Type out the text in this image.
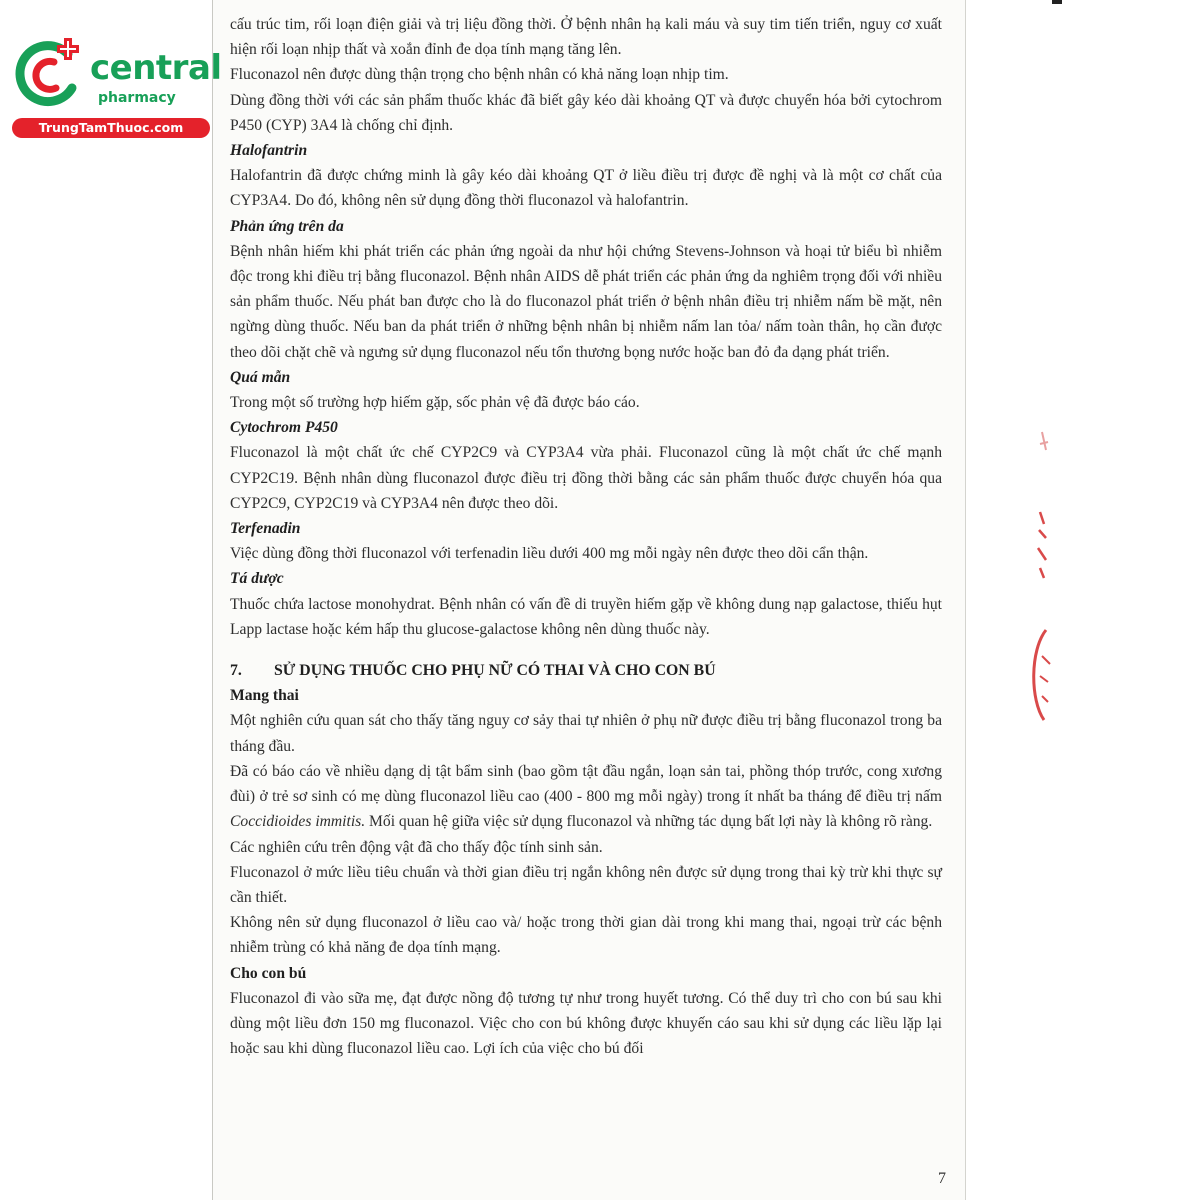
central
pharmacy
TrungTamThuoc.com

cấu trúc tim, rối loạn điện giải và trị liệu đồng thời. Ở bệnh nhân hạ kali máu và suy tim tiến triển, nguy cơ xuất hiện rối loạn nhịp thất và xoắn đỉnh đe dọa tính mạng tăng lên.

Fluconazol nên được dùng thận trọng cho bệnh nhân có khả năng loạn nhịp tim.

Dùng đồng thời với các sản phẩm thuốc khác đã biết gây kéo dài khoảng QT và được chuyển hóa bởi cytochrom P450 (CYP) 3A4 là chống chỉ định.

Halofantrin

Halofantrin đã được chứng minh là gây kéo dài khoảng QT ở liều điều trị được đề nghị và là một cơ chất của CYP3A4. Do đó, không nên sử dụng đồng thời fluconazol và halofantrin.

Phản ứng trên da

Bệnh nhân hiếm khi phát triển các phản ứng ngoài da như hội chứng Stevens-Johnson và hoại tử biểu bì nhiễm độc trong khi điều trị bằng fluconazol. Bệnh nhân AIDS dễ phát triển các phản ứng da nghiêm trọng đối với nhiều sản phẩm thuốc. Nếu phát ban được cho là do fluconazol phát triển ở bệnh nhân điều trị nhiễm nấm bề mặt, nên ngừng dùng thuốc. Nếu ban da phát triển ở những bệnh nhân bị nhiễm nấm lan tỏa/ nấm toàn thân, họ cần được theo dõi chặt chẽ và ngưng sử dụng fluconazol nếu tổn thương bọng nước hoặc ban đỏ đa dạng phát triển.

Quá mẫn

Trong một số trường hợp hiếm gặp, sốc phản vệ đã được báo cáo.

Cytochrom P450

Fluconazol là một chất ức chế CYP2C9 và CYP3A4 vừa phải. Fluconazol cũng là một chất ức chế mạnh CYP2C19. Bệnh nhân dùng fluconazol được điều trị đồng thời bằng các sản phẩm thuốc được chuyển hóa qua CYP2C9, CYP2C19 và CYP3A4 nên được theo dõi.

Terfenadin

Việc dùng đồng thời fluconazol với terfenadin liều dưới 400 mg mỗi ngày nên được theo dõi cẩn thận.

Tá dược

Thuốc chứa lactose monohydrat. Bệnh nhân có vấn đề di truyền hiếm gặp về không dung nạp galactose, thiếu hụt Lapp lactase hoặc kém hấp thu glucose-galactose không nên dùng thuốc này.

7. SỬ DỤNG THUỐC CHO PHỤ NỮ CÓ THAI VÀ CHO CON BÚ
Mang thai

Một nghiên cứu quan sát cho thấy tăng nguy cơ sảy thai tự nhiên ở phụ nữ được điều trị bằng fluconazol trong ba tháng đầu.

Đã có báo cáo về nhiều dạng dị tật bẩm sinh (bao gồm tật đầu ngắn, loạn sản tai, phồng thóp trước, cong xương đùi) ở trẻ sơ sinh có mẹ dùng fluconazol liều cao (400 - 800 mg mỗi ngày) trong ít nhất ba tháng để điều trị nấm Coccidioides immitis. Mối quan hệ giữa việc sử dụng fluconazol và những tác dụng bất lợi này là không rõ ràng.

Các nghiên cứu trên động vật đã cho thấy độc tính sinh sản.

Fluconazol ở mức liều tiêu chuẩn và thời gian điều trị ngắn không nên được sử dụng trong thai kỳ trừ khi thực sự cần thiết.

Không nên sử dụng fluconazol ở liều cao và/ hoặc trong thời gian dài trong khi mang thai, ngoại trừ các bệnh nhiễm trùng có khả năng đe dọa tính mạng.

Cho con bú

Fluconazol đi vào sữa mẹ, đạt được nồng độ tương tự như trong huyết tương. Có thể duy trì cho con bú sau khi dùng một liều đơn 150 mg fluconazol. Việc cho con bú không được khuyến cáo sau khi sử dụng các liều lặp lại hoặc sau khi dùng fluconazol liều cao. Lợi ích của việc cho bú đối

7
